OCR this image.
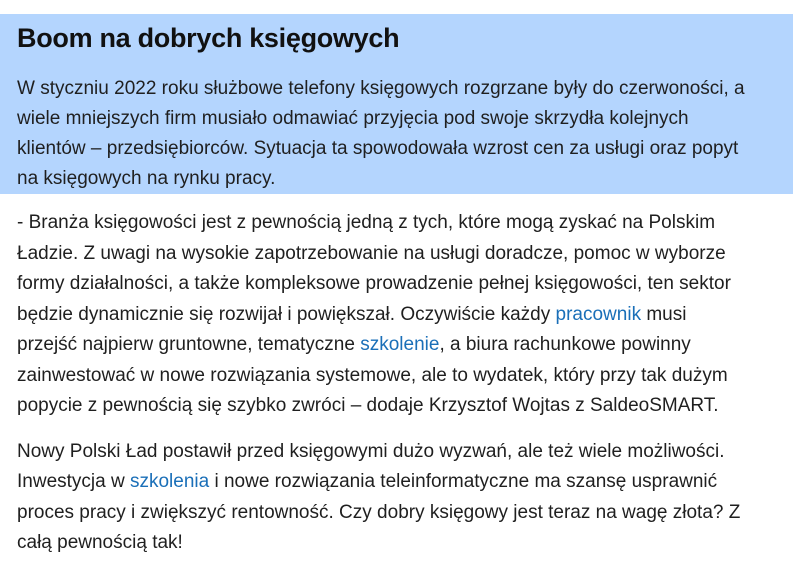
Boom na dobrych księgowych

W styczniu 2022 roku służbowe telefony księgowych rozgrzane były do czerwoności, a
wiele mniejszych firm musiało odmawiać przyjęcia pod swoje skrzydła kolejnych
klientów – przedsiębiorców. Sytuacja ta spowodowała wzrost cen za usługi oraz popyt
na księgowych na rynku pracy.

- Branża księgowości jest z pewnością jedną z tych, które mogą zyskać na Polskim
Ładzie. Z uwagi na wysokie zapotrzebowanie na usługi doradcze, pomoc w wyborze
formy działalności, a także kompleksowe prowadzenie pełnej księgowości, ten sektor
będzie dynamicznie się rozwijał i powiększał. Oczywiście każdy pracownik musi
przejść najpierw gruntowne, tematyczne szkolenie, a biura rachunkowe powinny
zainwestować w nowe rozwiązania systemowe, ale to wydatek, który przy tak dużym
popycie z pewnością się szybko zwróci – dodaje Krzysztof Wojtas z SaldeoSMART.

Nowy Polski Ład postawił przed księgowymi dużo wyzwań, ale też wiele możliwości.
Inwestycja w szkolenia i nowe rozwiązania teleinformatyczne ma szansę usprawnić
proces pracy i zwiększyć rentowność. Czy dobry księgowy jest teraz na wagę złota? Z
całą pewnością tak!
